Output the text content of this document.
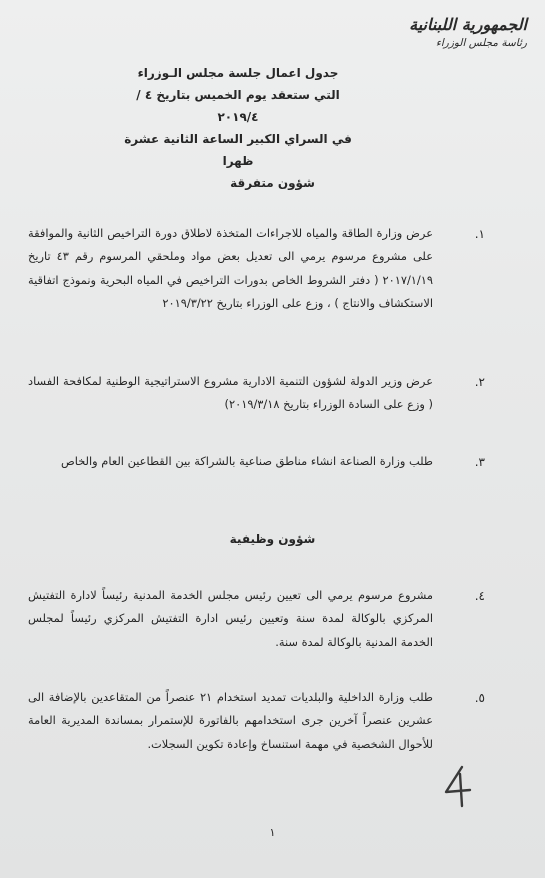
الجمهورية اللبنانية
رئاسة مجلس الوزراء
جدول اعمال جلسة مجلس الـوزراء
التي ستعقد يوم الخميس بتاريخ ٤ /٢٠١٩/٤
في السراي الكبير الساعة الثانية عشرة ظهرا
شؤون متفرقة
١.
عرض وزارة الطاقة والمياه للاجراءات المتخذة لاطلاق دورة التراخيص الثانية والموافقة على مشروع مرسوم يرمي الى تعديل بعض مواد وملحقي المرسوم رقم ٤٣ تاريخ ٢٠١٧/١/١٩ ( دفتر الشروط الخاص بدورات التراخيص في المياه البحرية ونموذج اتفاقية الاستكشاف والانتاج ) ، وزع على الوزراء بتاريخ ٢٠١٩/٣/٢٢
٢.
عرض وزير الدولة لشؤون التنمية الادارية مشروع الاستراتيجية الوطنية لمكافحة الفساد ( وزع على السادة الوزراء بتاريخ ٢٠١٩/٣/١٨)
٣.
طلب وزارة الصناعة انشاء مناطق صناعية بالشراكة بين القطاعين العام والخاص
شؤون وظيفية
٤.
مشروع مرسوم يرمي الى تعيين رئيس مجلس الخدمة المدنية رئيساً لادارة التفتيش المركزي بالوكالة لمدة سنة وتعيين رئيس ادارة التفتيش المركزي رئيساً لمجلس الخدمة المدنية بالوكالة لمدة سنة.
٥.
طلب وزارة الداخلية والبلديات تمديد استخدام ٢١ عنصراً من المتقاعدين بالإضافة الى عشرين عنصراً آخرين جرى استخدامهم بالفاتورة للإستمرار بمساندة المديرية العامة للأحوال الشخصية في مهمة استنساخ وإعادة تكوين السجلات.
١
